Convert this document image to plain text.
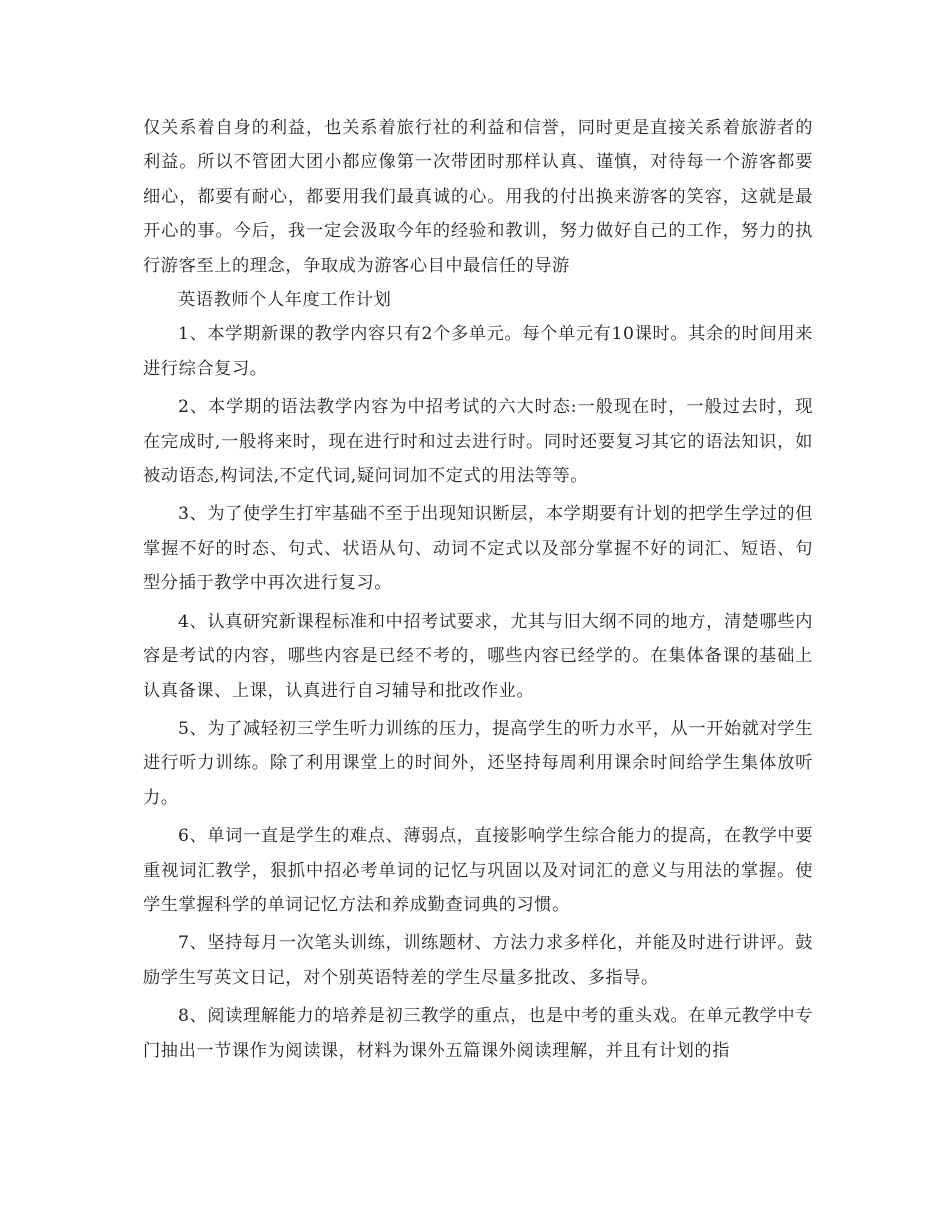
仅关系着自身的利益，也关系着旅行社的利益和信誉，同时更是直接关系着旅游者的利益。所以不管团大团小都应像第一次带团时那样认真、谨慎，对待每一个游客都要细心，都要有耐心，都要用我们最真诚的心。用我的付出换来游客的笑容，这就是最开心的事。今后，我一定会汲取今年的经验和教训，努力做好自己的工作，努力的执行游客至上的理念，争取成为游客心目中最信任的导游

英语教师个人年度工作计划

1、本学期新课的教学内容只有2个多单元。每个单元有10课时。其余的时间用来进行综合复习。

2、本学期的语法教学内容为中招考试的六大时态:一般现在时，一般过去时，现在完成时,一般将来时，现在进行时和过去进行时。同时还要复习其它的语法知识，如被动语态,构词法,不定代词,疑问词加不定式的用法等等。

3、为了使学生打牢基础不至于出现知识断层，本学期要有计划的把学生学过的但掌握不好的时态、句式、状语从句、动词不定式以及部分掌握不好的词汇、短语、句型分插于教学中再次进行复习。

4、认真研究新课程标准和中招考试要求，尤其与旧大纲不同的地方，清楚哪些内容是考试的内容，哪些内容是已经不考的，哪些内容已经学的。在集体备课的基础上认真备课、上课，认真进行自习辅导和批改作业。

5、为了减轻初三学生听力训练的压力，提高学生的听力水平，从一开始就对学生进行听力训练。除了利用课堂上的时间外，还坚持每周利用课余时间给学生集体放听力。

6、单词一直是学生的难点、薄弱点，直接影响学生综合能力的提高，在教学中要重视词汇教学，狠抓中招必考单词的记忆与巩固以及对词汇的意义与用法的掌握。使学生掌握科学的单词记忆方法和养成勤查词典的习惯。

7、坚持每月一次笔头训练，训练题材、方法力求多样化，并能及时进行讲评。鼓励学生写英文日记，对个别英语特差的学生尽量多批改、多指导。

8、阅读理解能力的培养是初三教学的重点，也是中考的重头戏。在单元教学中专门抽出一节课作为阅读课，材料为课外五篇课外阅读理解，并且有计划的指
